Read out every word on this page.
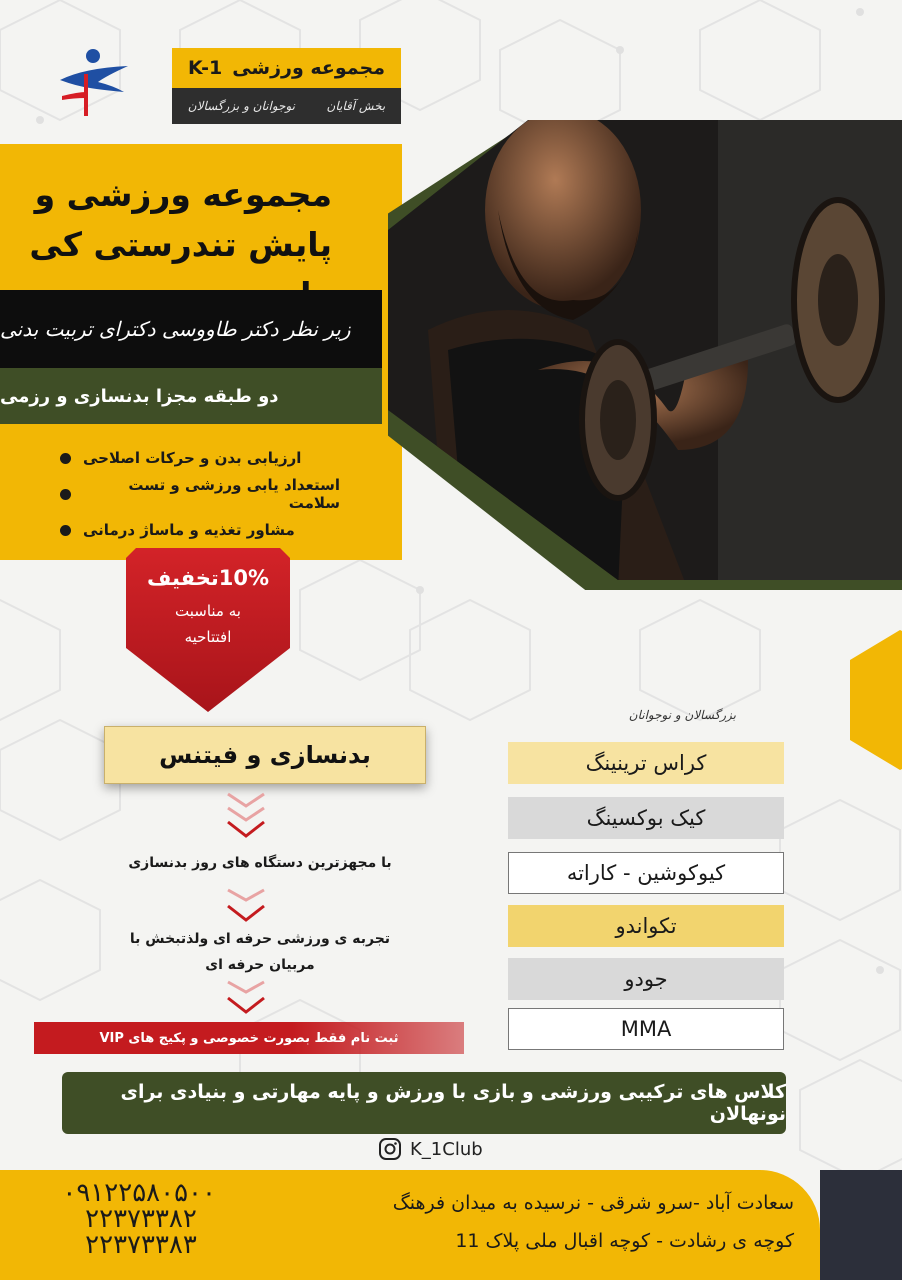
مجموعه ورزشی
K-1
بخش آقایان
نوجوانان و بزرگسالان
مجموعه ورزشی و
پایش تندرستی کی
زیر نظر دکتر طاووسی دکترای تربیت بدنی
دو طبقه مجزا بدنسازی و رزمی
ارزیابی بدن و حرکات اصلاحی
استعداد یابی ورزشی و تست سلامت
مشاور تغذیه و ماساژ درمانی
10%تخفیف
به مناسبت
افتتاحیه
بدنسازی و فیتنس
با مجهزترین دستگاه های روز بدنسازی
تجربه ی ورزشی حرفه ای ولذتبخش با
مربیان حرفه ای
ثبت نام فقط بصورت خصوصی و پکیج های VIP
بزرگسالان و نوجوانان
کراس ترینینگ
کیک بوکسینگ
کیوکوشین - کاراته
تکواندو
جودو
MMA
کلاس های ترکیبی ورزشی و بازی با ورزش و پایه مهارتی و بنیادی برای نونهالان
K_1Club
۰۹۱۲۲۵۸۰۵۰۰
۲۲۳۷۳۳۸۲
۲۲۳۷۳۳۸۳
سعادت آباد -سرو شرقی - نرسیده به میدان فرهنگ
کوچه ی رشادت - کوچه اقبال ملی پلاک 11
